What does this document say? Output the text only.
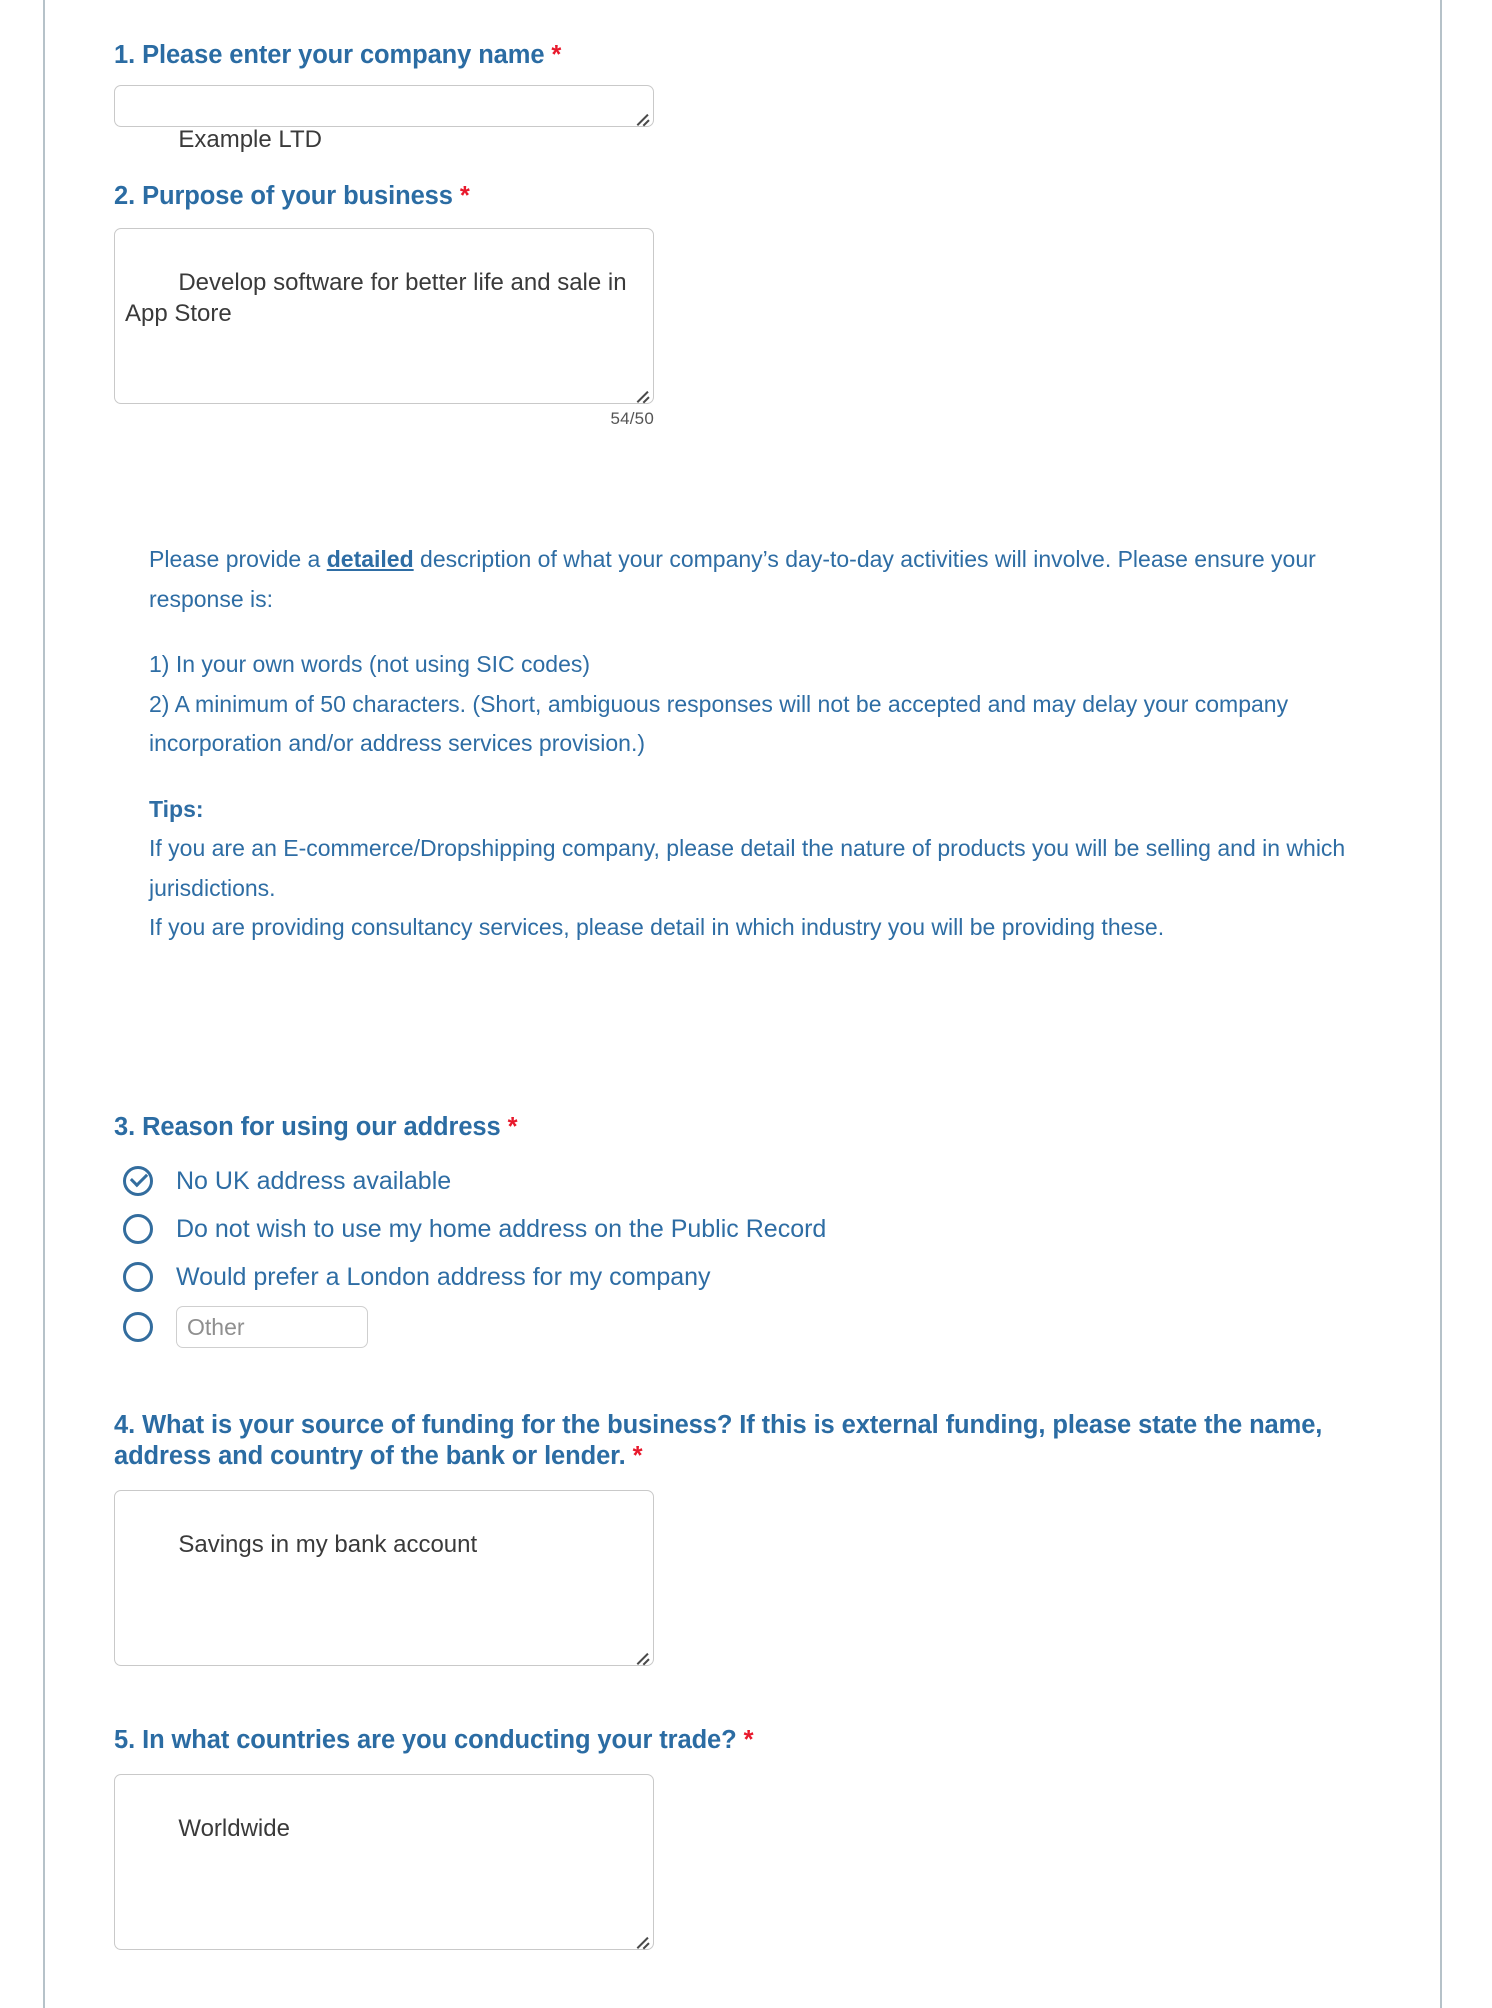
1. Please enter your company name *

Example LTD

2. Purpose of your business *

Develop software for better life and sale in App Store

54/50

Please provide a detailed description of what your company’s day-to-day activities will involve. Please ensure your response is:

1) In your own words (not using SIC codes)

2) A minimum of 50 characters. (Short, ambiguous responses will not be accepted and may delay your company incorporation and/or address services provision.)

Tips:

If you are an E-commerce/Dropshipping company, please detail the nature of products you will be selling and in which jurisdictions.

If you are providing consultancy services, please detail in which industry you will be providing these.

3. Reason for using our address *
No UK address available
Do not wish to use my home address on the Public Record
Would prefer a London address for my company
Other
4. What is your source of funding for the business? If this is external funding, please state the name, address and country of the bank or lender. *

Savings in my bank account

5. In what countries are you conducting your trade? *

Worldwide
